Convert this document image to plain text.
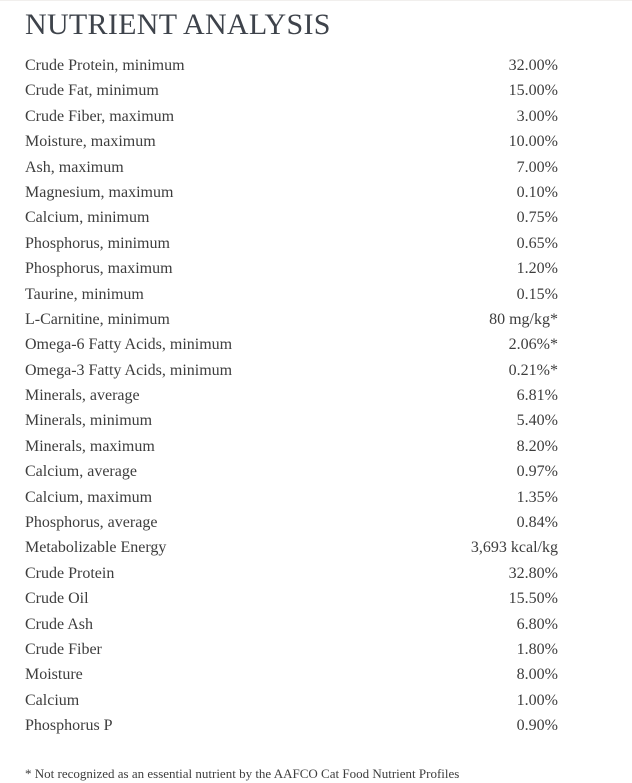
NUTRIENT ANALYSIS
Crude Protein, minimum	32.00%
Crude Fat, minimum	15.00%
Crude Fiber, maximum	3.00%
Moisture, maximum	10.00%
Ash, maximum	7.00%
Magnesium, maximum	0.10%
Calcium, minimum	0.75%
Phosphorus, minimum	0.65%
Phosphorus, maximum	1.20%
Taurine, minimum	0.15%
L-Carnitine, minimum	80 mg/kg*
Omega-6 Fatty Acids, minimum	2.06%*
Omega-3 Fatty Acids, minimum	0.21%*
Minerals, average	6.81%
Minerals, minimum	5.40%
Minerals, maximum	8.20%
Calcium, average	0.97%
Calcium, maximum	1.35%
Phosphorus, average	0.84%
Metabolizable Energy	3,693 kcal/kg
Crude Protein	32.80%
Crude Oil	15.50%
Crude Ash	6.80%
Crude Fiber	1.80%
Moisture	8.00%
Calcium	1.00%
Phosphorus P	0.90%
* Not recognized as an essential nutrient by the AAFCO Cat Food Nutrient Profiles
